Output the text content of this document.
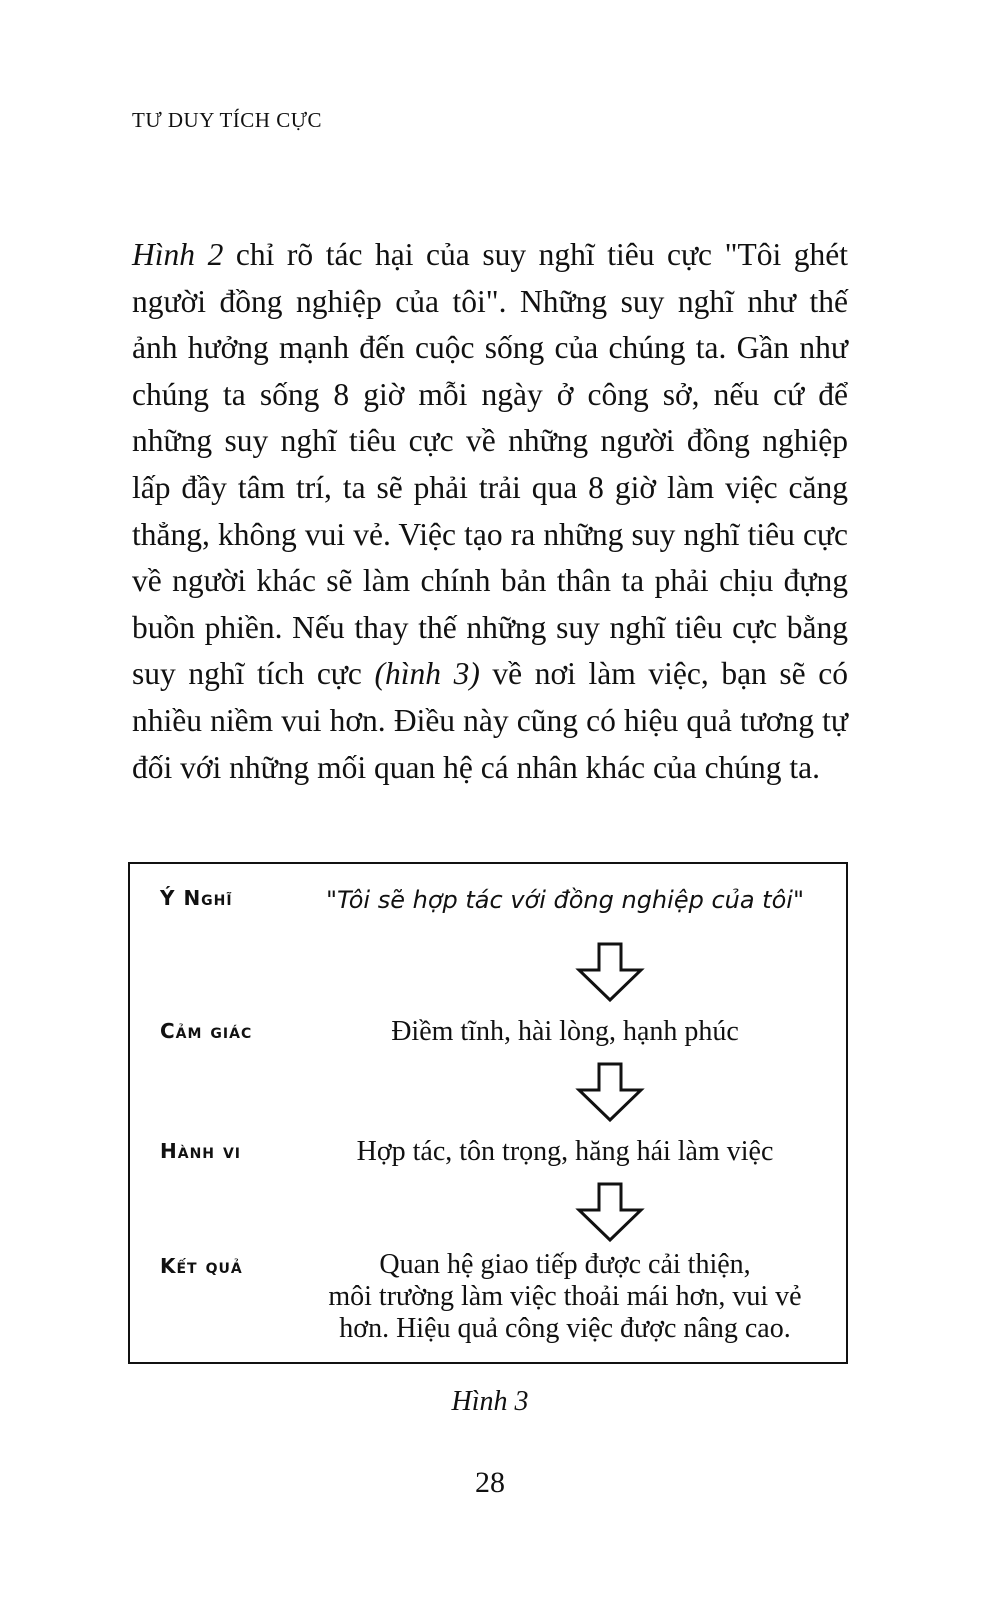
TƯ DUY TÍCH CỰC
Hình 2 chỉ rõ tác hại của suy nghĩ tiêu cực "Tôi ghét người đồng nghiệp của tôi". Những suy nghĩ như thế ảnh hưởng mạnh đến cuộc sống của chúng ta. Gần như chúng ta sống 8 giờ mỗi ngày ở công sở, nếu cứ để những suy nghĩ tiêu cực về những người đồng nghiệp lấp đầy tâm trí, ta sẽ phải trải qua 8 giờ làm việc căng thẳng, không vui vẻ. Việc tạo ra những suy nghĩ tiêu cực về người khác sẽ làm chính bản thân ta phải chịu đựng buồn phiền. Nếu thay thế những suy nghĩ tiêu cực bằng suy nghĩ tích cực (hình 3) về nơi làm việc, bạn sẽ có nhiều niềm vui hơn. Điều này cũng có hiệu quả tương tự đối với những mối quan hệ cá nhân khác của chúng ta.
Ý Nghĩ	"Tôi sẽ hợp tác với đồng nghiệp của tôi"
Cảm giác	Điềm tĩnh, hài lòng, hạnh phúc
Hành vi	Hợp tác, tôn trọng, hăng hái làm việc
Kết quả	Quan hệ giao tiếp được cải thiện,
môi trường làm việc thoải mái hơn, vui vẻ
hơn. Hiệu quả công việc được nâng cao.
Hình 3
28
